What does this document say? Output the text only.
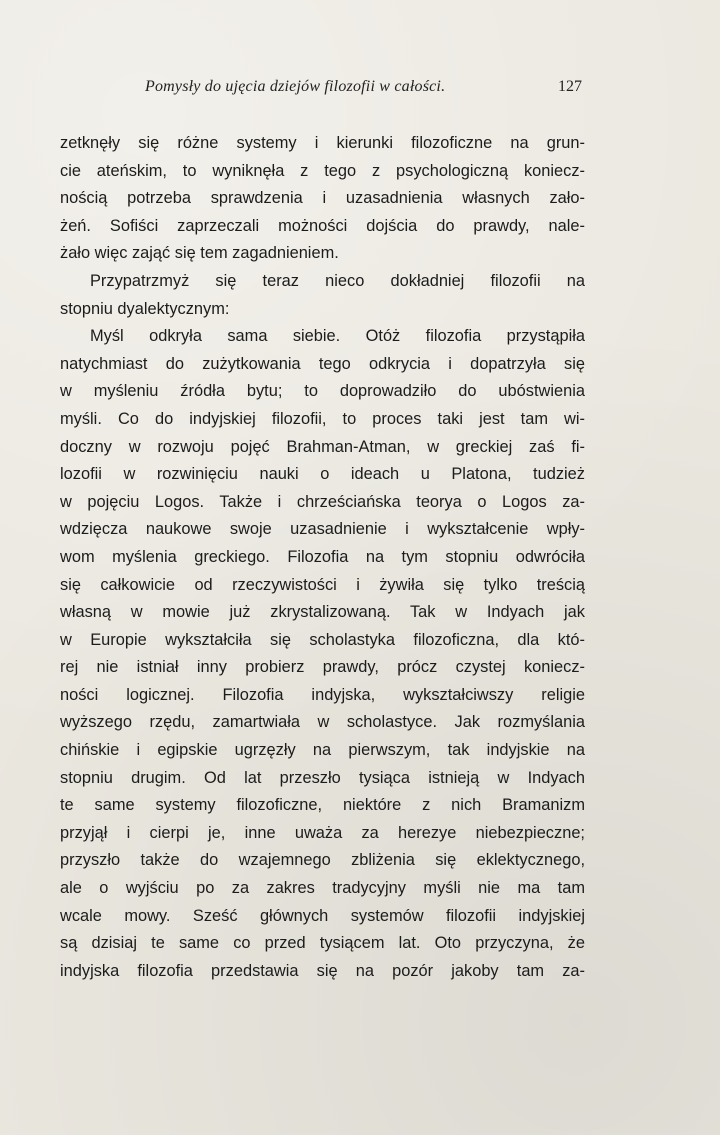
Pomysły do ujęcia dziejów filozofii w całości.	127
zetknęły się różne systemy i kierunki filozoficzne na grun-
cie ateńskim, to wyniknęła z tego z psychologiczną koniecz-
nością potrzeba sprawdzenia i uzasadnienia własnych zało-
żeń. Sofiści zaprzeczali możności dojścia do prawdy, nale-
żało więc zająć się tem zagadnieniem.
Przypatrzmyż się teraz nieco dokładniej filozofii na
stopniu dyalektycznym:
Myśl odkryła sama siebie. Otóż filozofia przystąpiła
natychmiast do zużytkowania tego odkrycia i dopatrzyła się
w myśleniu źródła bytu; to doprowadziło do ubóstwienia
myśli. Co do indyjskiej filozofii, to proces taki jest tam wi-
doczny w rozwoju pojęć Brahman-Atman, w greckiej zaś fi-
lozofii w rozwinięciu nauki o ideach u Platona, tudzież
w pojęciu Logos. Także i chrześciańska teorya o Logos za-
wdzięcza naukowe swoje uzasadnienie i wykształcenie wpły-
wom myślenia greckiego. Filozofia na tym stopniu odwróciła
się całkowicie od rzeczywistości i żywiła się tylko treścią
własną w mowie już zkrystalizowaną. Tak w Indyach jak
w Europie wykształciła się scholastyka filozoficzna, dla któ-
rej nie istniał inny probierz prawdy, prócz czystej koniecz-
ności logicznej. Filozofia indyjska, wykształciwszy religie
wyższego rzędu, zamartwiała w scholastyce. Jak rozmyślania
chińskie i egipskie ugrzęzły na pierwszym, tak indyjskie na
stopniu drugim. Od lat przeszło tysiąca istnieją w Indyach
te same systemy filozoficzne, niektóre z nich Bramanizm
przyjął i cierpi je, inne uważa za herezye niebezpieczne;
przyszło także do wzajemnego zbliżenia się eklektycznego,
ale o wyjściu po za zakres tradycyjny myśli nie ma tam
wcale mowy. Sześć głównych systemów filozofii indyjskiej
są dzisiaj te same co przed tysiącem lat. Oto przyczyna, że
indyjska filozofia przedstawia się na pozór jakoby tam za-
